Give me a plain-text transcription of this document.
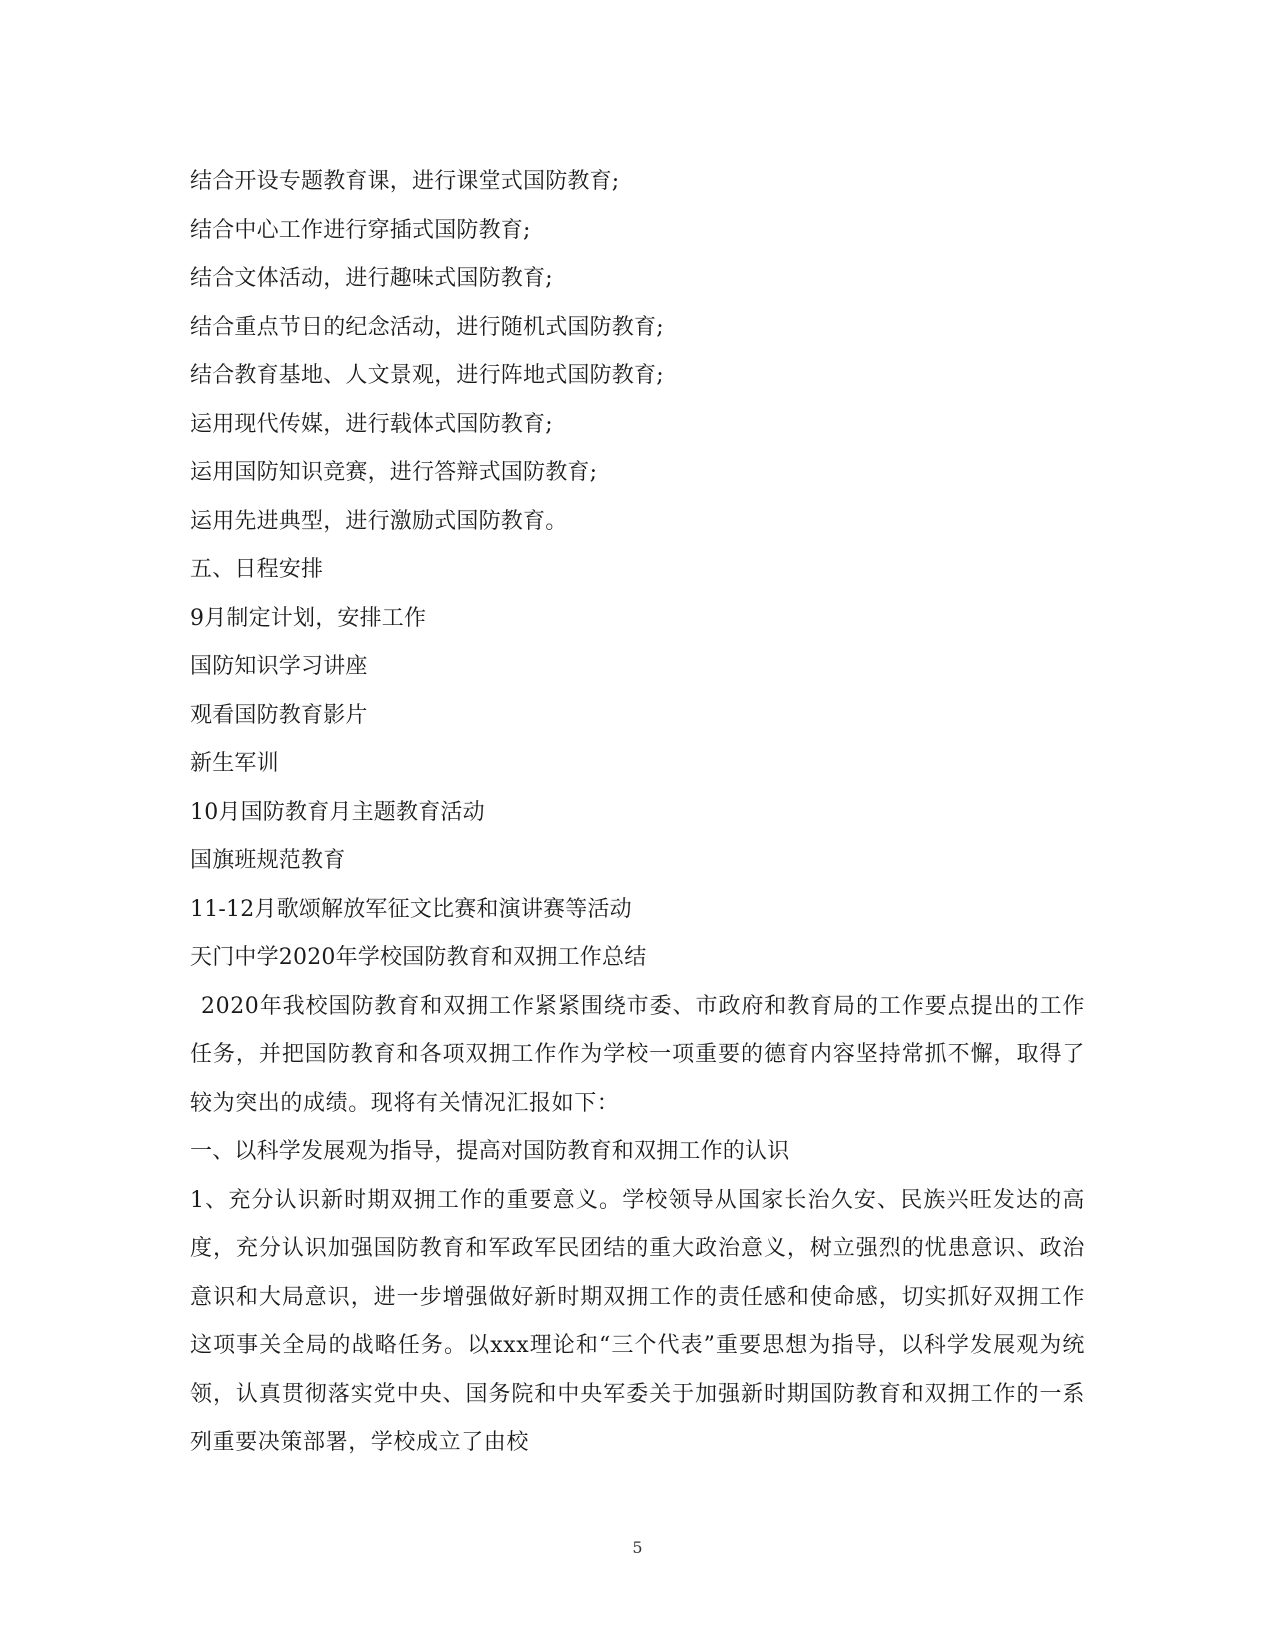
结合开设专题教育课，进行课堂式国防教育;
结合中心工作进行穿插式国防教育;
结合文体活动，进行趣味式国防教育;
结合重点节日的纪念活动，进行随机式国防教育;
结合教育基地、人文景观，进行阵地式国防教育;
运用现代传媒，进行载体式国防教育;
运用国防知识竞赛，进行答辩式国防教育;
运用先进典型，进行激励式国防教育。
五、日程安排
9月制定计划，安排工作
国防知识学习讲座
观看国防教育影片
新生军训
10月国防教育月主题教育活动
国旗班规范教育
11-12月歌颂解放军征文比赛和演讲赛等活动
天门中学2020年学校国防教育和双拥工作总结
2020年我校国防教育和双拥工作紧紧围绕市委、市政府和教育局的工作要点提出的工作任务，并把国防教育和各项双拥工作作为学校一项重要的德育内容坚持常抓不懈，取得了较为突出的成绩。现将有关情况汇报如下：
一、以科学发展观为指导，提高对国防教育和双拥工作的认识
1、充分认识新时期双拥工作的重要意义。学校领导从国家长治久安、民族兴旺发达的高度，充分认识加强国防教育和军政军民团结的重大政治意义，树立强烈的忧患意识、政治意识和大局意识，进一步增强做好新时期双拥工作的责任感和使命感，切实抓好双拥工作这项事关全局的战略任务。以xxx理论和“三个代表”重要思想为指导，以科学发展观为统领，认真贯彻落实党中央、国务院和中央军委关于加强新时期国防教育和双拥工作的一系列重要决策部署，学校成立了由校
5
